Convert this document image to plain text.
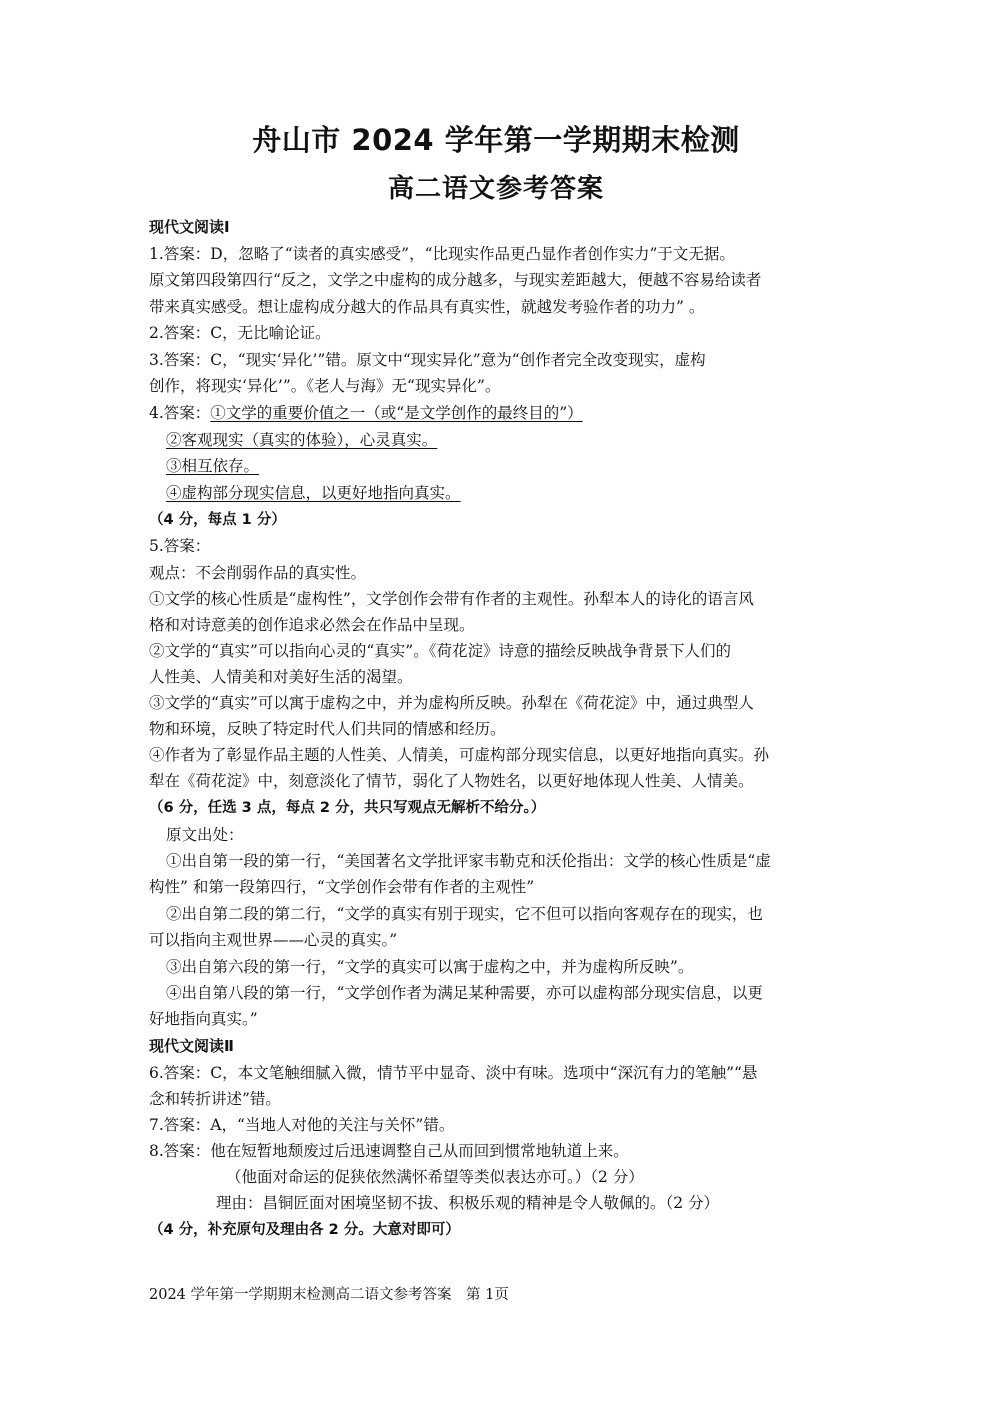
舟山市 2024 学年第一学期期末检测
高二语文参考答案
现代文阅读Ⅰ
1.答案：D，忽略了“读者的真实感受”，“比现实作品更凸显作者创作实力”于文无据。
原文第四段第四行“反之，文学之中虚构的成分越多，与现实差距越大，便越不容易给读者
带来真实感受。想让虚构成分越大的作品具有真实性，就越发考验作者的功力” 。
2.答案：C，无比喻论证。
3.答案：C，“现实‘异化’”错。原文中“现实异化”意为“创作者完全改变现实，虚构
创作，将现实‘异化’”。《老人与海》无“现实异化”。
4.答案：①文学的重要价值之一（或“是文学创作的最终目的”）
②客观现实（真实的体验），心灵真实。
③相互依存。
④虚构部分现实信息，以更好地指向真实。
（4 分，每点 1 分）
5.答案：
观点：不会削弱作品的真实性。
①文学的核心性质是“虚构性”，文学创作会带有作者的主观性。孙犁本人的诗化的语言风
格和对诗意美的创作追求必然会在作品中呈现。
②文学的“真实”可以指向心灵的“真实”。《荷花淀》诗意的描绘反映战争背景下人们的
人性美、人情美和对美好生活的渴望。
③文学的“真实”可以寓于虚构之中，并为虚构所反映。孙犁在《荷花淀》中，通过典型人
物和环境，反映了特定时代人们共同的情感和经历。
④作者为了彰显作品主题的人性美、人情美，可虚构部分现实信息，以更好地指向真实。孙
犁在《荷花淀》中，刻意淡化了情节，弱化了人物姓名，以更好地体现人性美、人情美。
（6 分，任选 3 点，每点 2 分，共只写观点无解析不给分。）
原文出处：
①出自第一段的第一行，“美国著名文学批评家韦勒克和沃伦指出：文学的核心性质是“虚
构性” 和第一段第四行，“文学创作会带有作者的主观性”
②出自第二段的第二行，“文学的真实有别于现实，它不但可以指向客观存在的现实，也
可以指向主观世界——心灵的真实。”
③出自第六段的第一行，“文学的真实可以寓于虚构之中，并为虚构所反映”。
④出自第八段的第一行，“文学创作者为满足某种需要，亦可以虚构部分现实信息，以更
好地指向真实。”
现代文阅读Ⅱ
6.答案：C，本文笔触细腻入微，情节平中显奇、淡中有味。选项中“深沉有力的笔触”“悬
念和转折讲述”错。
7.答案：A，“当地人对他的关注与关怀”错。
8.答案：他在短暂地颓废过后迅速调整自己从而回到惯常地轨道上来。
（他面对命运的促狭依然满怀希望等类似表达亦可。）（2 分）
理由：昌铜匠面对困境坚韧不拔、积极乐观的精神是令人敬佩的。（2 分）
（4 分，补充原句及理由各 2 分。大意对即可）
2024 学年第一学期期末检测高二语文参考答案　第 1页
